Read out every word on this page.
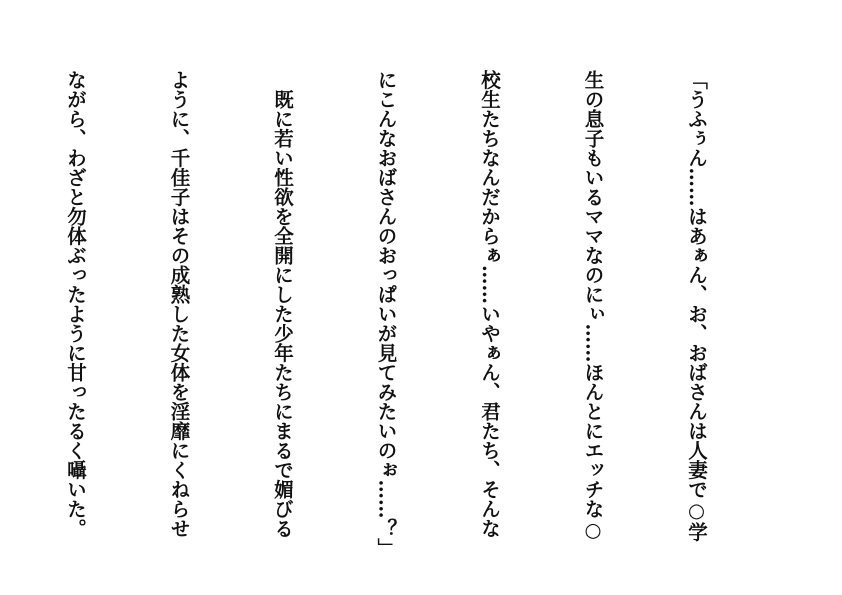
「うふぅん……はあぁん、お、おばさんは人妻で○学

生の息子もいるママなのにぃ……ほんとにエッチな○

校生たちなんだからぁ……いやぁん、君たち、そんな

にこんなおばさんのおっぱいが見てみたいのぉ……？」

　既に若い性欲を全開にした少年たちにまるで媚びる

ように、千佳子はその成熟した女体を淫靡にくねらせ

ながら、わざと勿体ぶったように甘ったるく囁いた。
